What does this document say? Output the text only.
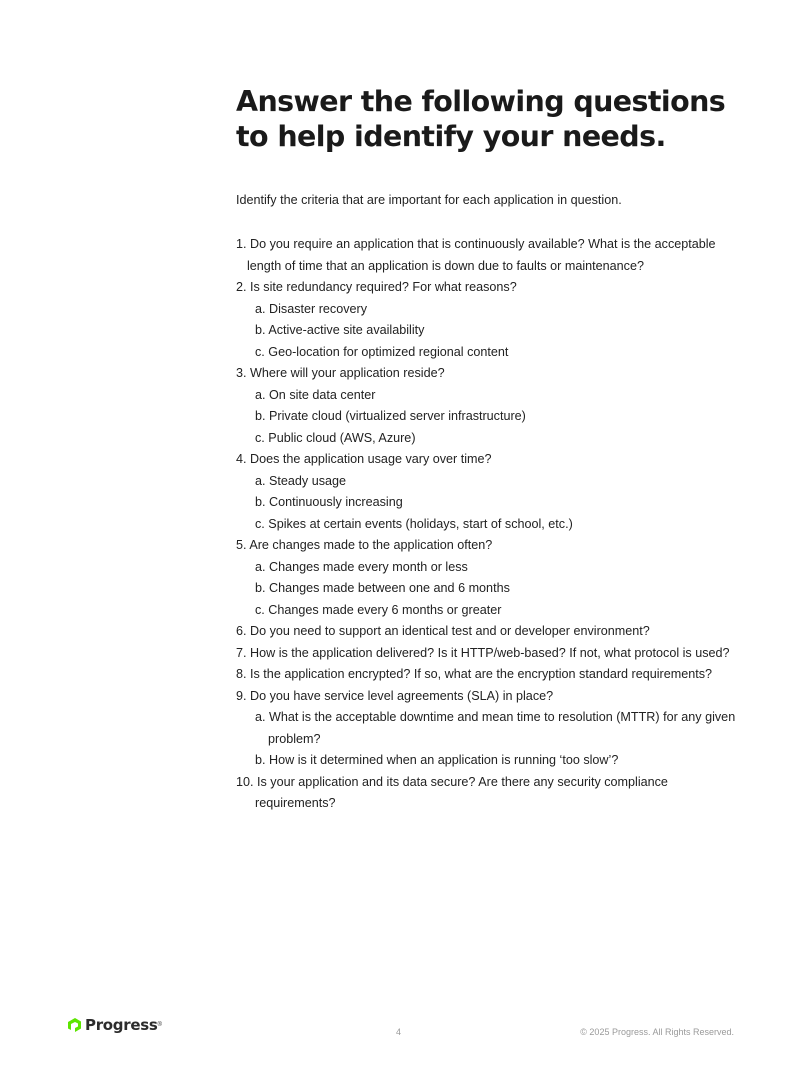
Answer the following questions to help identify your needs.

Identify the criteria that are important for each application in question.

1. Do you require an application that is continuously available? What is the acceptable length of time that an application is down due to faults or maintenance?
2. Is site redundancy required? For what reasons?
a. Disaster recovery
b. Active-active site availability
c. Geo-location for optimized regional content
3. Where will your application reside?
a. On site data center
b. Private cloud (virtualized server infrastructure)
c. Public cloud (AWS, Azure)
4. Does the application usage vary over time?
a. Steady usage
b. Continuously increasing
c. Spikes at certain events (holidays, start of school, etc.)
5. Are changes made to the application often?
a. Changes made every month or less
b. Changes made between one and 6 months
c. Changes made every 6 months or greater
6. Do you need to support an identical test and or developer environment?
7. How is the application delivered? Is it HTTP/web-based? If not, what protocol is used?
8. Is the application encrypted? If so, what are the encryption standard requirements?
9. Do you have service level agreements (SLA) in place?
a. What is the acceptable downtime and mean time to resolution (MTTR) for any given problem?
b. How is it determined when an application is running ‘too slow’?
10. Is your application and its data secure? Are there any security compliance requirements?
Progress ®
4	© 2025 Progress. All Rights Reserved.
